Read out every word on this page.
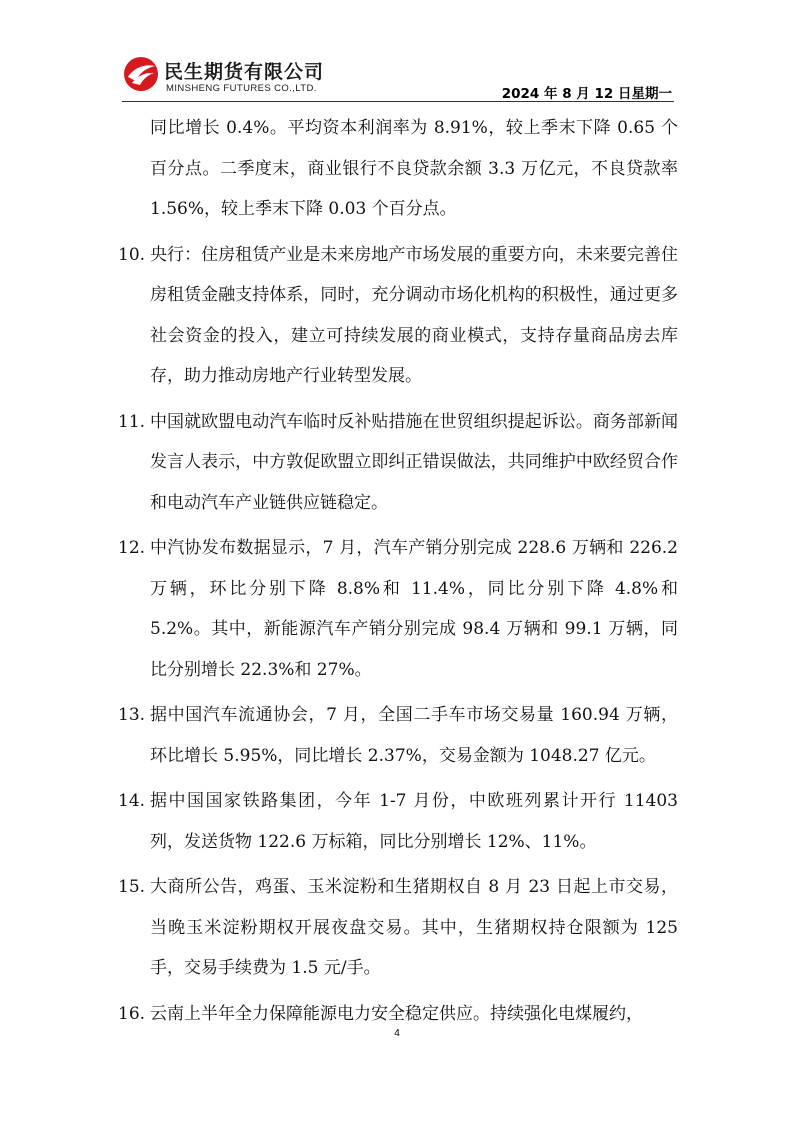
民生期货有限公司
MINSHENG FUTURES CO.,LTD.	2024 年 8 月 12 日星期一
同比增长 0.4%。平均资本利润率为 8.91%，较上季末下降 0.65 个百分点。二季度末，商业银行不良贷款余额 3.3 万亿元，不良贷款率 1.56%，较上季末下降 0.03 个百分点。
10. 央行：住房租赁产业是未来房地产市场发展的重要方向，未来要完善住房租赁金融支持体系，同时，充分调动市场化机构的积极性，通过更多社会资金的投入，建立可持续发展的商业模式，支持存量商品房去库存，助力推动房地产行业转型发展。
11. 中国就欧盟电动汽车临时反补贴措施在世贸组织提起诉讼。商务部新闻发言人表示，中方敦促欧盟立即纠正错误做法，共同维护中欧经贸合作和电动汽车产业链供应链稳定。
12. 中汽协发布数据显示，7 月，汽车产销分别完成 228.6 万辆和 226.2 万辆，环比分别下降 8.8%和 11.4%，同比分别下降 4.8%和 5.2%。其中，新能源汽车产销分别完成 98.4 万辆和 99.1 万辆，同比分别增长 22.3%和 27%。
13. 据中国汽车流通协会，7 月，全国二手车市场交易量 160.94 万辆，环比增长 5.95%，同比增长 2.37%，交易金额为 1048.27 亿元。
14. 据中国国家铁路集团，今年 1-7 月份，中欧班列累计开行 11403 列，发送货物 122.6 万标箱，同比分别增长 12%、11%。
15. 大商所公告，鸡蛋、玉米淀粉和生猪期权自 8 月 23 日起上市交易，当晚玉米淀粉期权开展夜盘交易。其中，生猪期权持仓限额为 125 手，交易手续费为 1.5 元/手。
16. 云南上半年全力保障能源电力安全稳定供应。持续强化电煤履约，
4
